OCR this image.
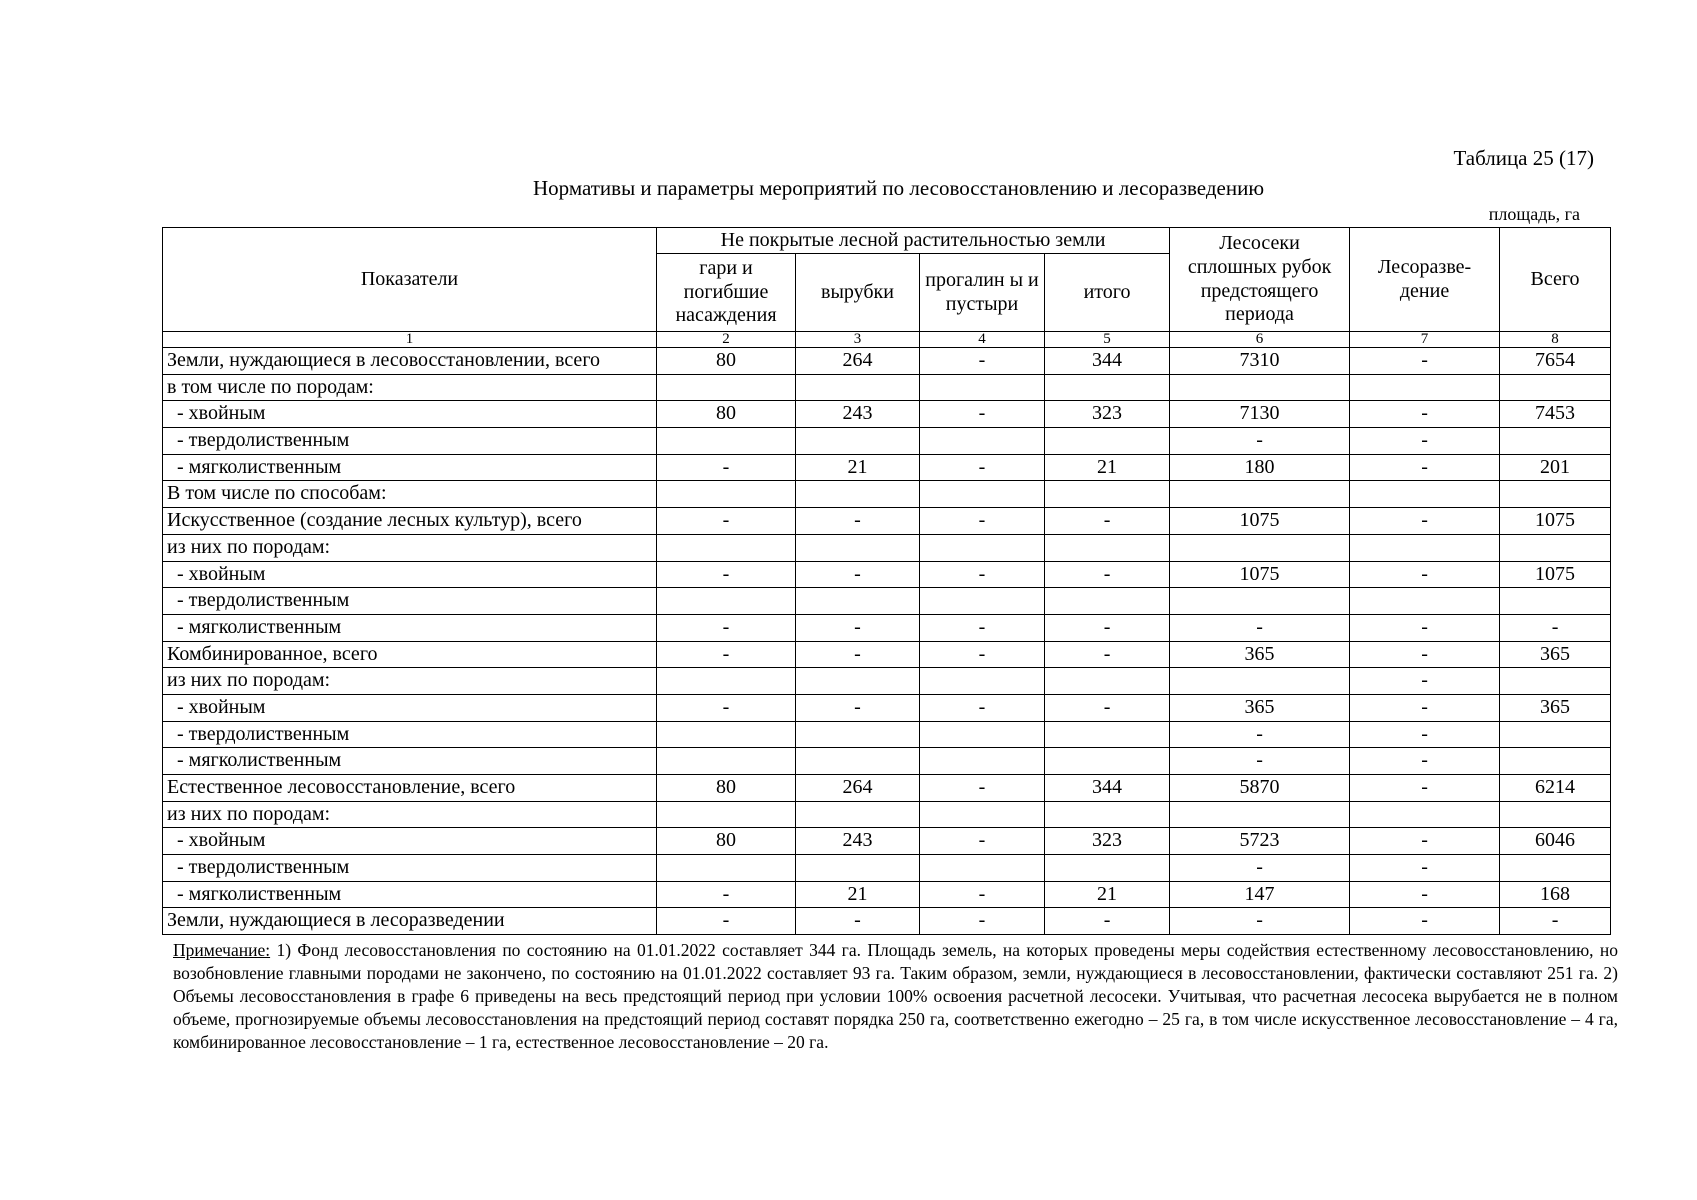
Таблица 25 (17)
Нормативы и параметры мероприятий по лесовосстановлению и лесоразведению
площадь, га
Показатели	Не покрытые лесной растительностью земли				Лесосеки сплошных рубок предстоящего периода	Лесоразве-дение	Всего
	гари и погибшие насаждения	вырубки	прогалин ы и пустыри	итого			
1	2	3	4	5	6	7	8
Земли, нуждающиеся в лесовосстановлении, всего	80	264	-	344	7310	-	7654
в том числе по породам:							
- хвойным	80	243	-	323	7130	-	7453
- твердолиственным					-	-	
- мягколиственным	-	21	-	21	180	-	201
В том числе по способам:							
Искусственное (создание лесных культур), всего	-	-	-	-	1075	-	1075
из них по породам:							
- хвойным	-	-	-	-	1075	-	1075
- твердолиственным							
- мягколиственным	-	-	-	-	-	-	-
Комбинированное, всего	-	-	-	-	365	-	365
из них по породам:						-	
- хвойным	-	-	-	-	365	-	365
- твердолиственным					-	-	
- мягколиственным					-	-	
Естественное лесовосстановление, всего	80	264	-	344	5870	-	6214
из них по породам:							
- хвойным	80	243	-	323	5723	-	6046
- твердолиственным					-	-	
- мягколиственным	-	21	-	21	147	-	168
Земли, нуждающиеся в лесоразведении	-	-	-	-	-	-	-
Примечание: 1) Фонд лесовосстановления по состоянию на 01.01.2022 составляет 344 га. Площадь земель, на которых проведены меры содействия естественному лесовосстановлению, но возобновление главными породами не закончено, по состоянию на 01.01.2022 составляет 93 га. Таким образом, земли, нуждающиеся в лесовосстановлении, фактически составляют 251 га. 2) Объемы лесовосстановления в графе 6 приведены на весь предстоящий период при условии 100% освоения расчетной лесосеки. Учитывая, что расчетная лесосека вырубается не в полном объеме, прогнозируемые объемы лесовосстановления на предстоящий период составят порядка 250 га, соответственно ежегодно – 25 га, в том числе искусственное лесовосстановление – 4 га, комбинированное лесовосстановление – 1 га, естественное лесовосстановление – 20 га.
